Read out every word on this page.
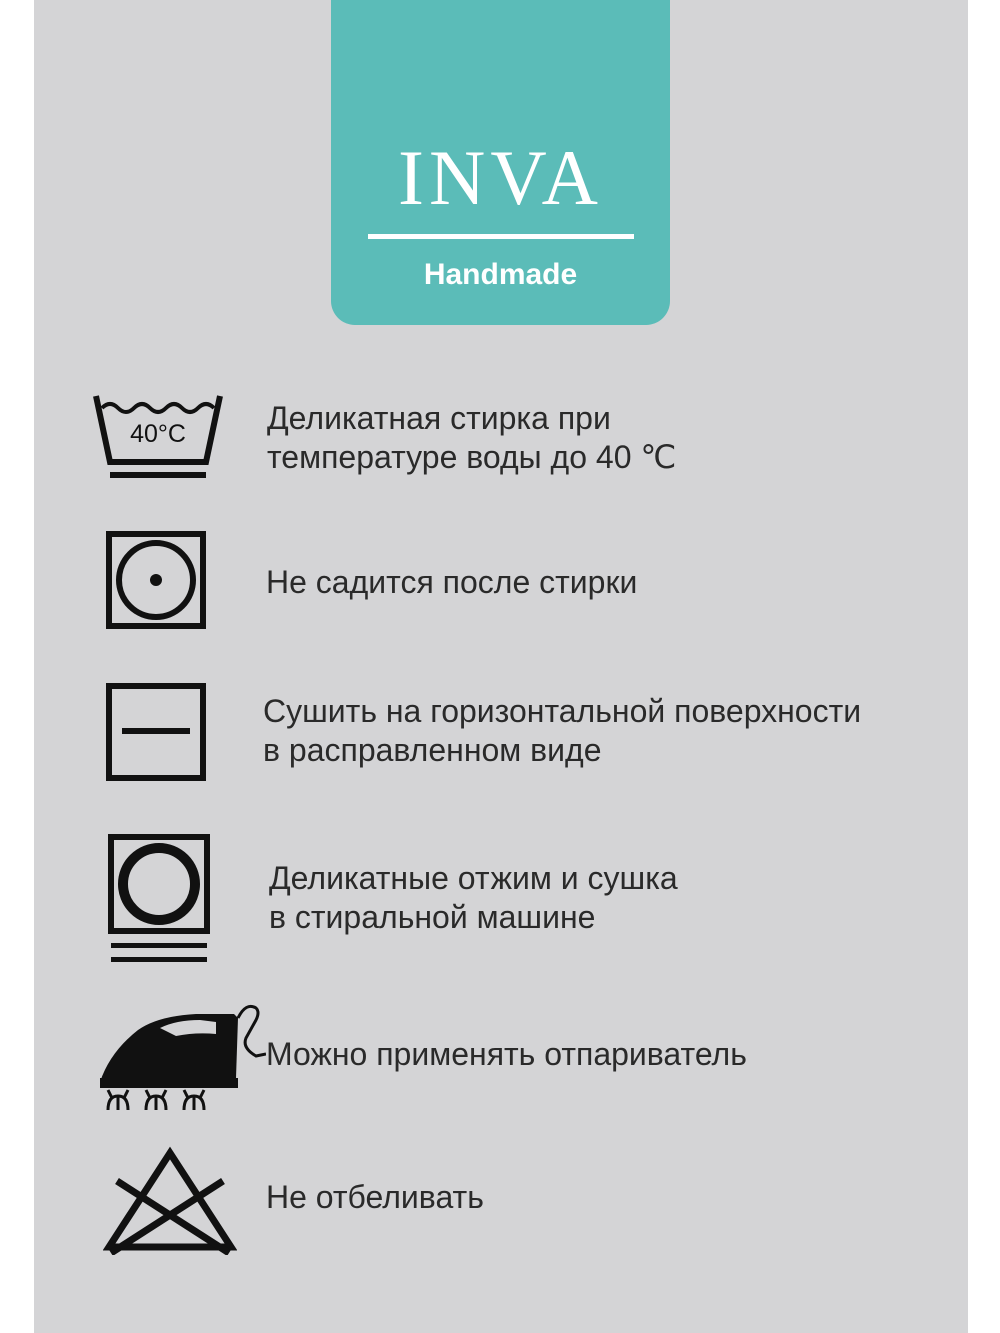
INVA
Handmade
40°C	Деликатная стирка при
температуре воды до 40 ℃
Не садится после стирки
Сушить на горизонтальной поверхности
в расправленном виде
Деликатные отжим и сушка
в стиральной машине
Можно применять отпариватель
Не отбеливать
